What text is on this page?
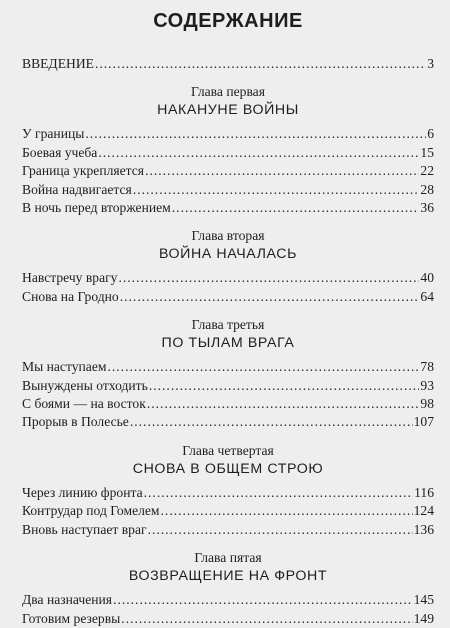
СОДЕРЖАНИЕ
ВВЕДЕНИЕ .....	3
Глава первая
НАКАНУНЕ ВОЙНЫ
У границы .....	6
Боевая учеба .....	15
Граница укрепляется .....	22
Война надвигается .....	28
В ночь перед вторжением .....	36
Глава вторая
ВОЙНА НАЧАЛАСЬ
Навстречу врагу .....	40
Снова на Гродно .....	64
Глава третья
ПО ТЫЛАМ ВРАГА
Мы наступаем .....	78
Вынуждены отходить .....	93
С боями — на восток .....	98
Прорыв в Полесье .....	107
Глава четвертая
СНОВА В ОБЩЕМ СТРОЮ
Через линию фронта .....	116
Контрудар под Гомелем .....	124
Вновь наступает враг .....	136
Глава пятая
ВОЗВРАЩЕНИЕ НА ФРОНТ
Два назначения .....	145
Готовим резервы .....	149
